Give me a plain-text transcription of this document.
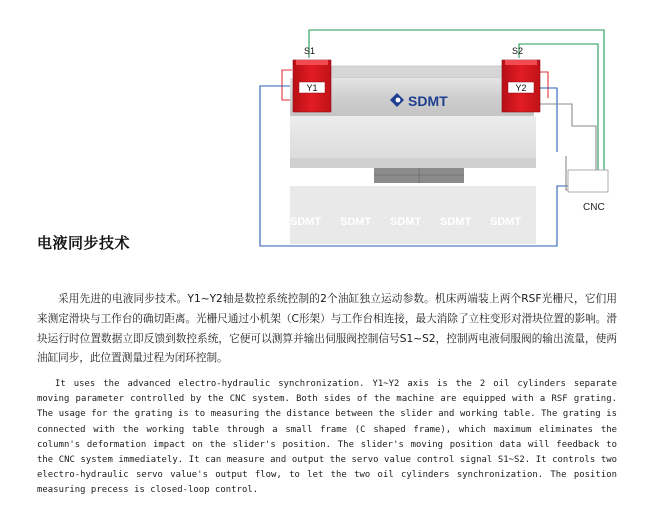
SDMT
SDMT SDMT SDMT SDMT SDMT
Y1	Y2
S1	S2
CNC
电液同步技术

采用先进的电液同步技术。Y1~Y2轴是数控系统控制的2个油缸独立运动参数。机床两端装上两个RSF光栅尺，它们用来测定滑块与工作台的确切距离。光栅尺通过小机架（C形架）与工作台相连接，最大消除了立柱变形对滑块位置的影响。滑块运行时位置数据立即反馈到数控系统，它便可以测算并输出伺服阀控制信号S1~S2，控制两电液伺服阀的输出流量，使两油缸同步，此位置测量过程为闭环控制。

It uses the advanced electro-hydraulic synchronization. Y1~Y2 axis is the 2 oil cylinders separate moving parameter controlled by the CNC system. Both sides of the machine are equipped with a RSF grating. The usage for the grating is to measuring the distance between the slider and working table. The grating is connected with the working table through a small frame (C shaped frame), which maximum eliminates the column's deformation impact on the slider's position. The slider's moving position data will feedback to the CNC system immediately. It can measure and output the servo value control signal S1~S2. It controls two electro-hydraulic servo value's output flow, to let the two oil cylinders synchronization. The position measuring precess is closed-loop control.
